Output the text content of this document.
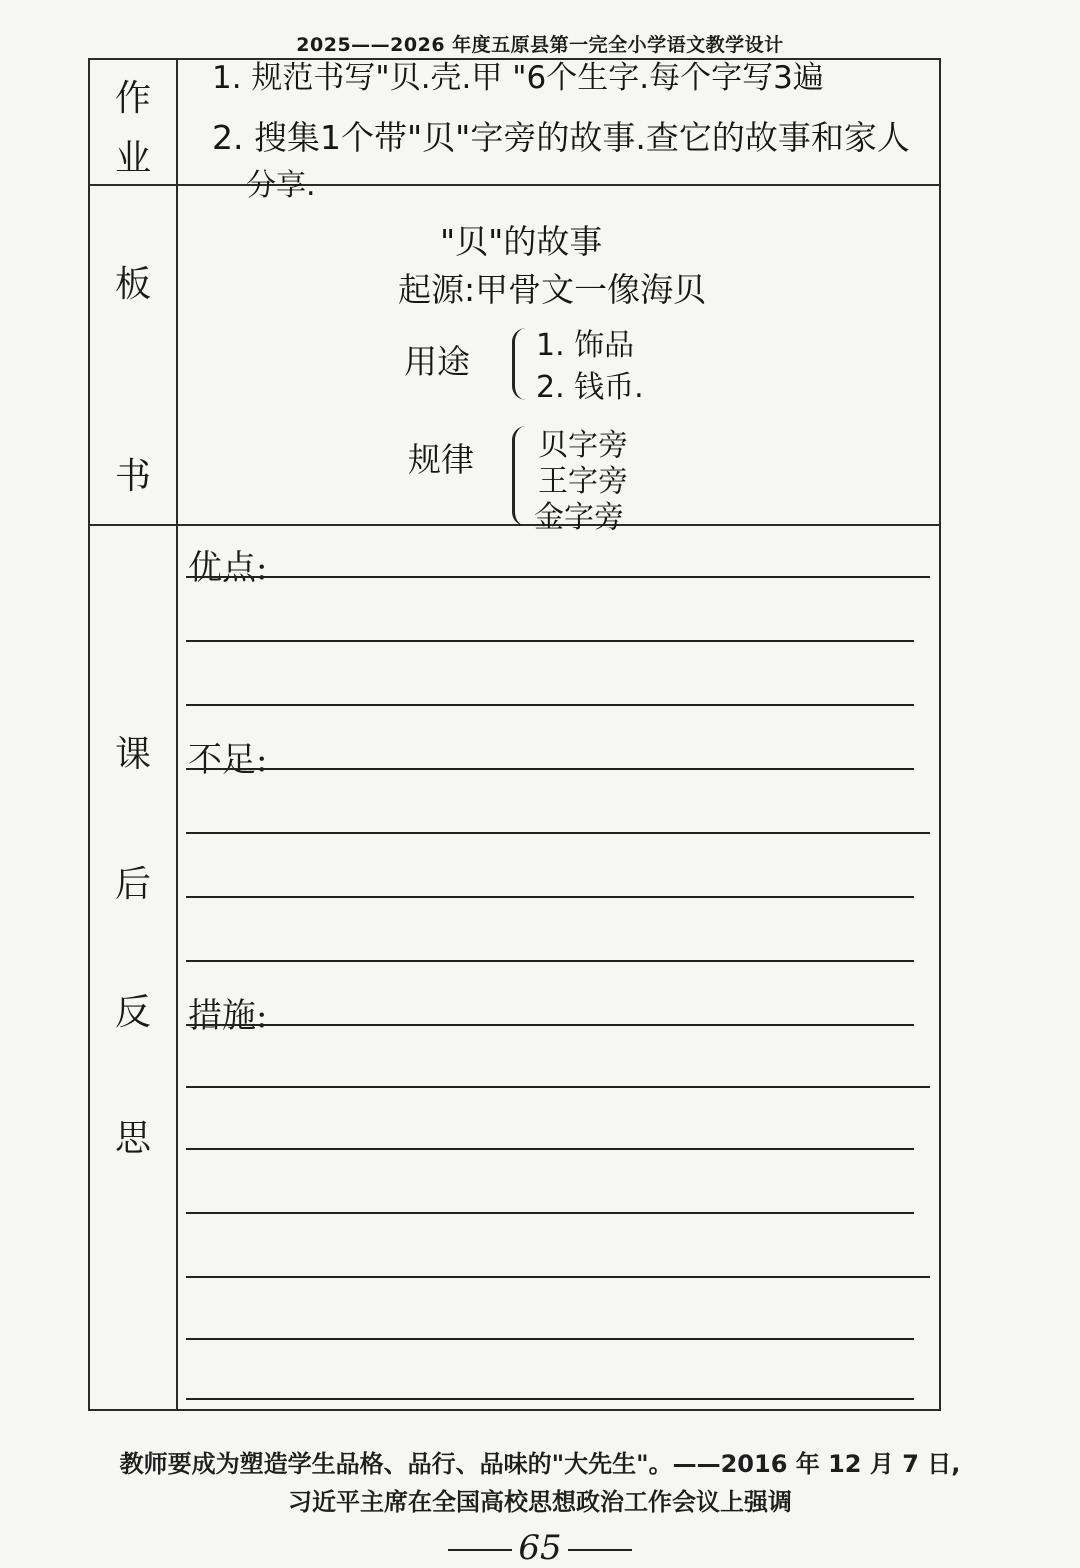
2025——2026 年度五原县第一完全小学语文教学设计
作
业
板
书
课
后
反
思
1. 规范书写"贝.壳.甲 "6个生字.每个字写3遍
2. 搜集1个带"贝"字旁的故事.查它的故事和家人
分享.
"贝"的故事
起源:甲骨文一像海贝
用途 1. 饰品
2. 钱币.
规律 贝字旁
王字旁
金字旁
优点:
不足:
措施:
教师要成为塑造学生品格、品行、品味的"大先生"。——2016 年 12 月 7 日,
习近平主席在全国高校思想政治工作会议上强调
65
